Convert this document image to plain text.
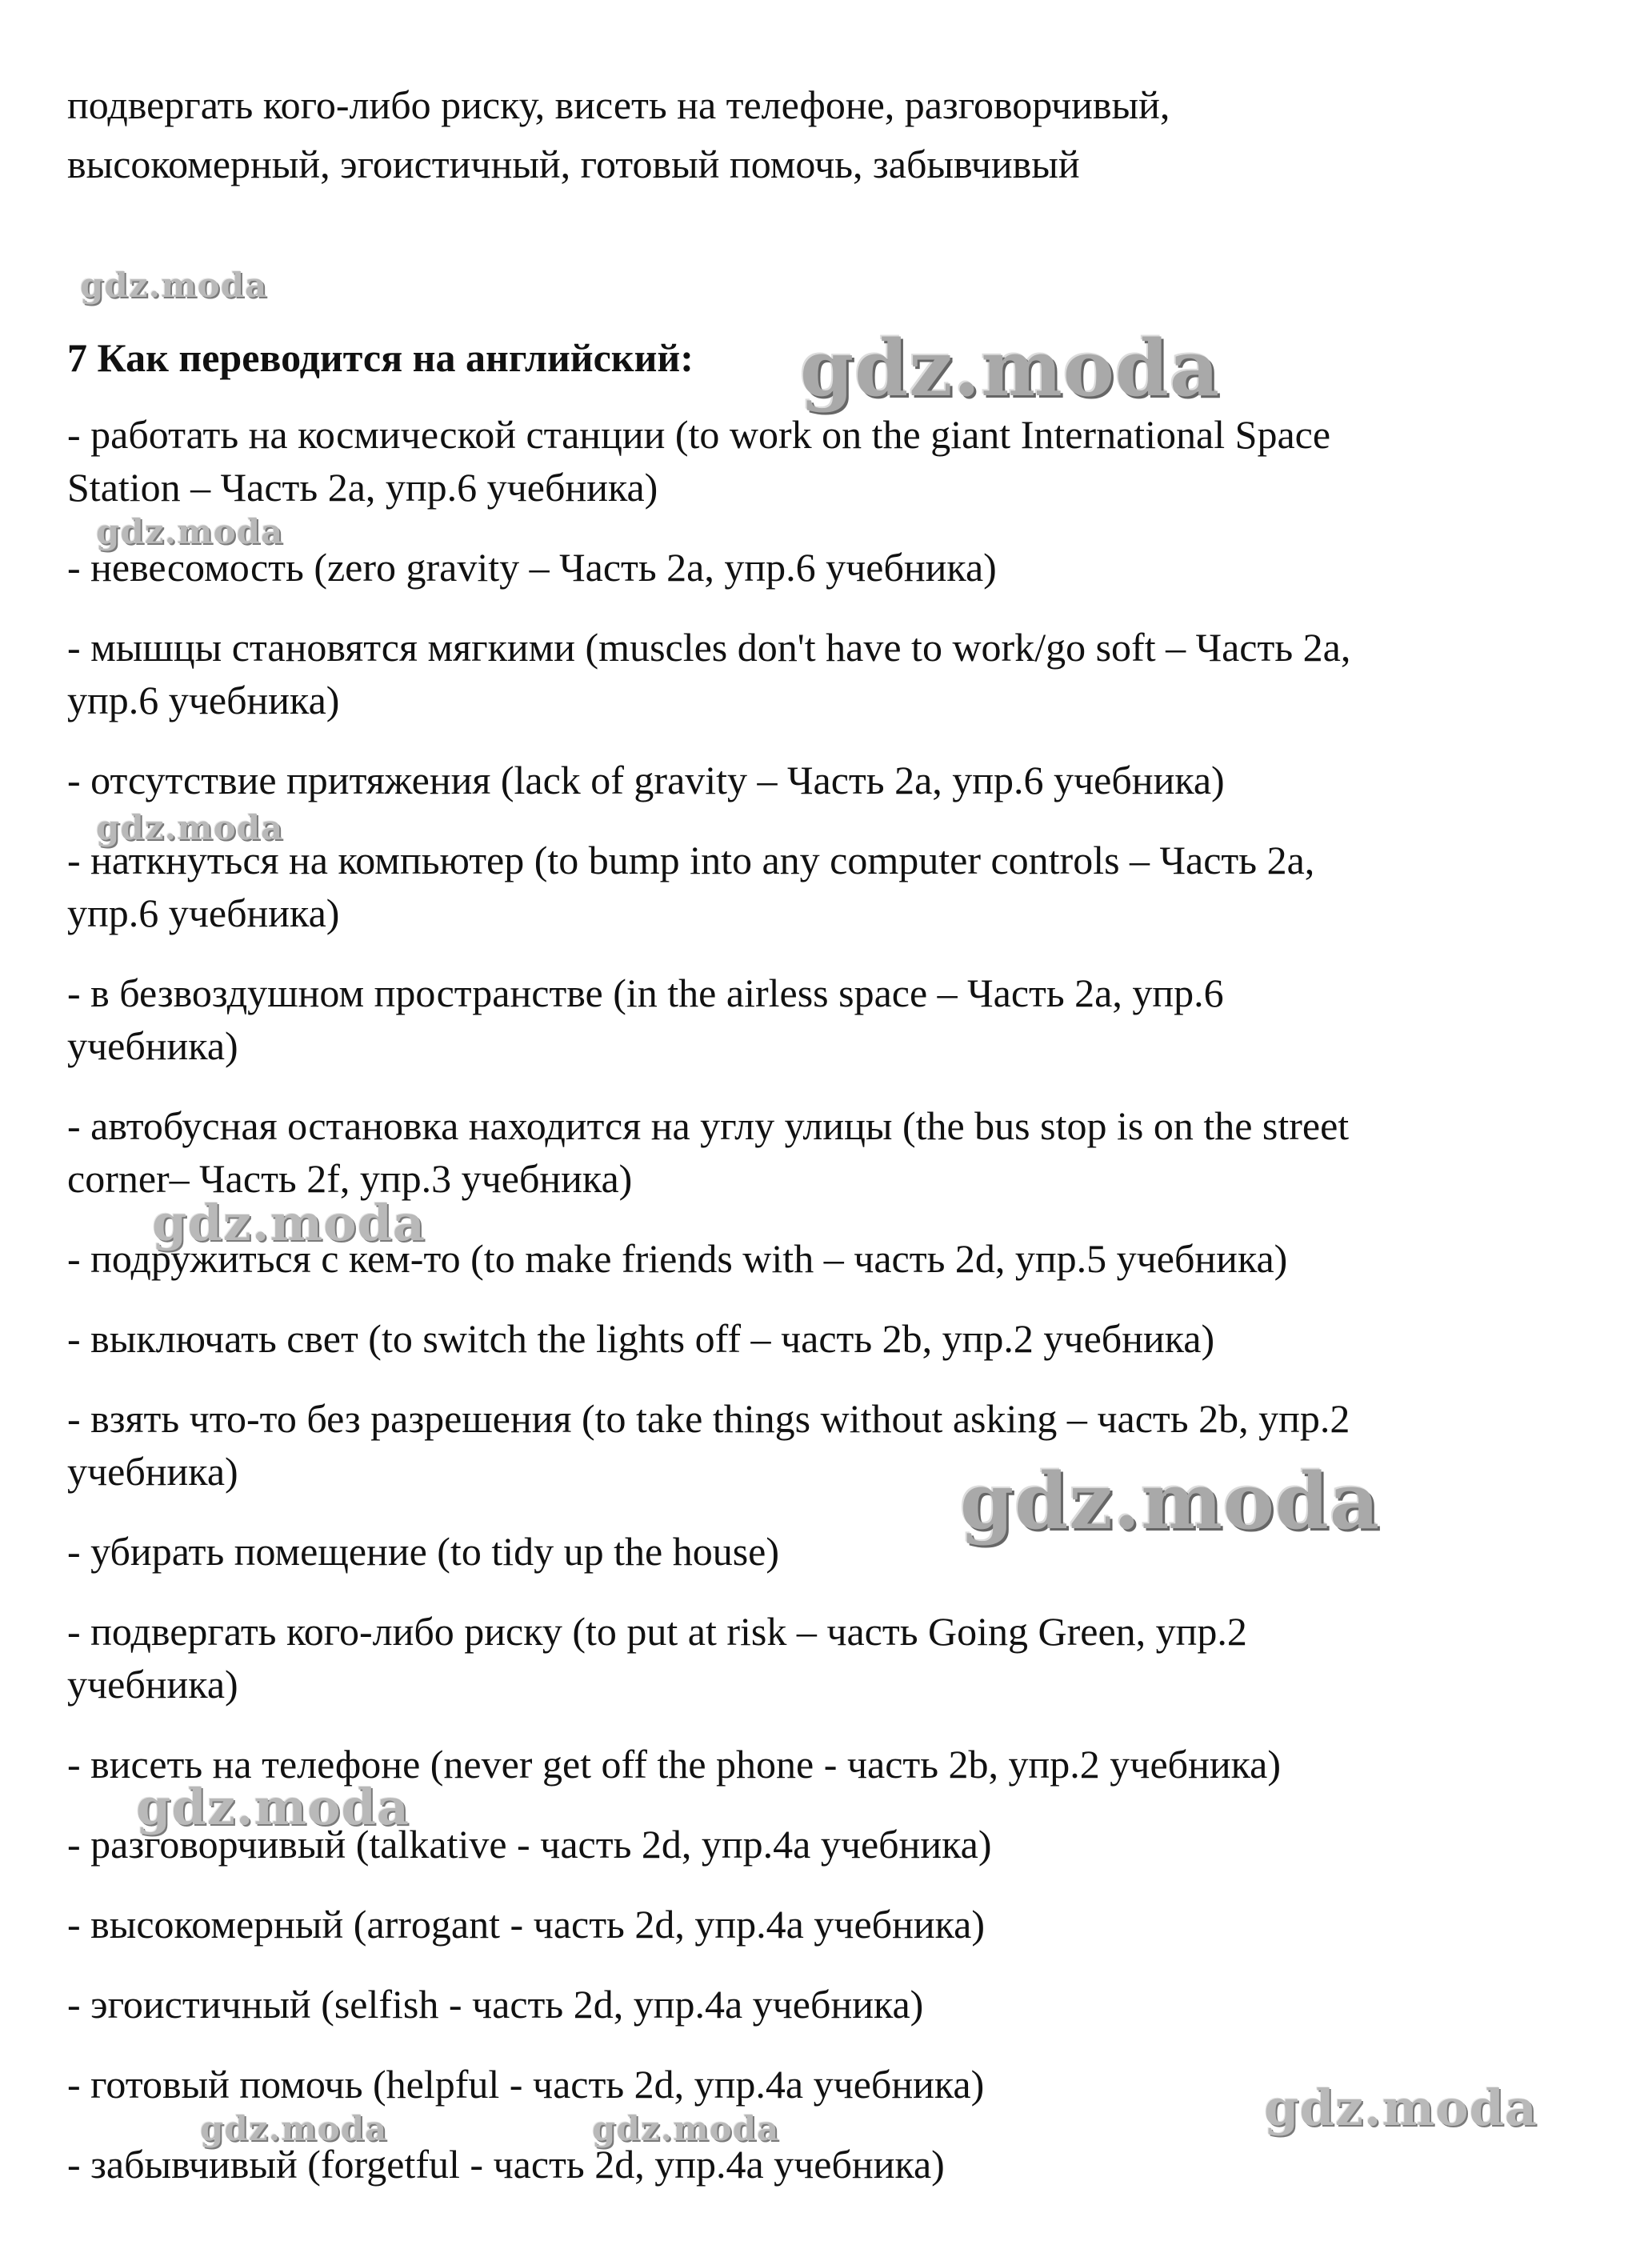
подвергать кого-либо риску, висеть на телефоне, разговорчивый,

высокомерный, эгоистичный, готовый помочь, забывчивый

7 Как переводится на английский:

- работать на космической станции (to work on the giant International Space

Station – Часть 2а, упр.6 учебника)

- невесомость (zero gravity – Часть 2а, упр.6 учебника)

- мышцы становятся мягкими (muscles don't have to work/go soft – Часть 2а,

упр.6 учебника)

- отсутствие притяжения (lack of gravity – Часть 2а, упр.6 учебника)

- наткнуться на компьютер (to bump into any computer controls – Часть 2а,

упр.6 учебника)

- в безвоздушном пространстве (in the airless space – Часть 2а, упр.6

учебника)

- автобусная остановка находится на углу улицы (the bus stop is on the street

corner– Часть 2f, упр.3 учебника)

- подружиться с кем-то (to make friends with – часть 2d, упр.5 учебника)

- выключать свет (to switch the lights off – часть 2b, упр.2 учебника)

- взять что-то без разрешения (to take things without asking – часть 2b, упр.2

учебника)

- убирать помещение (to tidy up the house)

- подвергать кого-либо риску (to put at risk – часть Going Green, упр.2

учебника)

- висеть на телефоне (never get off the phone - часть 2b, упр.2 учебника)

- разговорчивый (talkative - часть 2d, упр.4а учебника)

- высокомерный (arrogant - часть 2d, упр.4а учебника)

- эгоистичный (selfish - часть 2d, упр.4а учебника)

- готовый помочь (helpful - часть 2d, упр.4а учебника)

- забывчивый (forgetful - часть 2d, упр.4а учебника)

gdz.moda
gdz.moda
gdz.moda
gdz.moda
gdz.moda
gdz.moda
gdz.moda
gdz.moda
gdz.moda	gdz.moda
